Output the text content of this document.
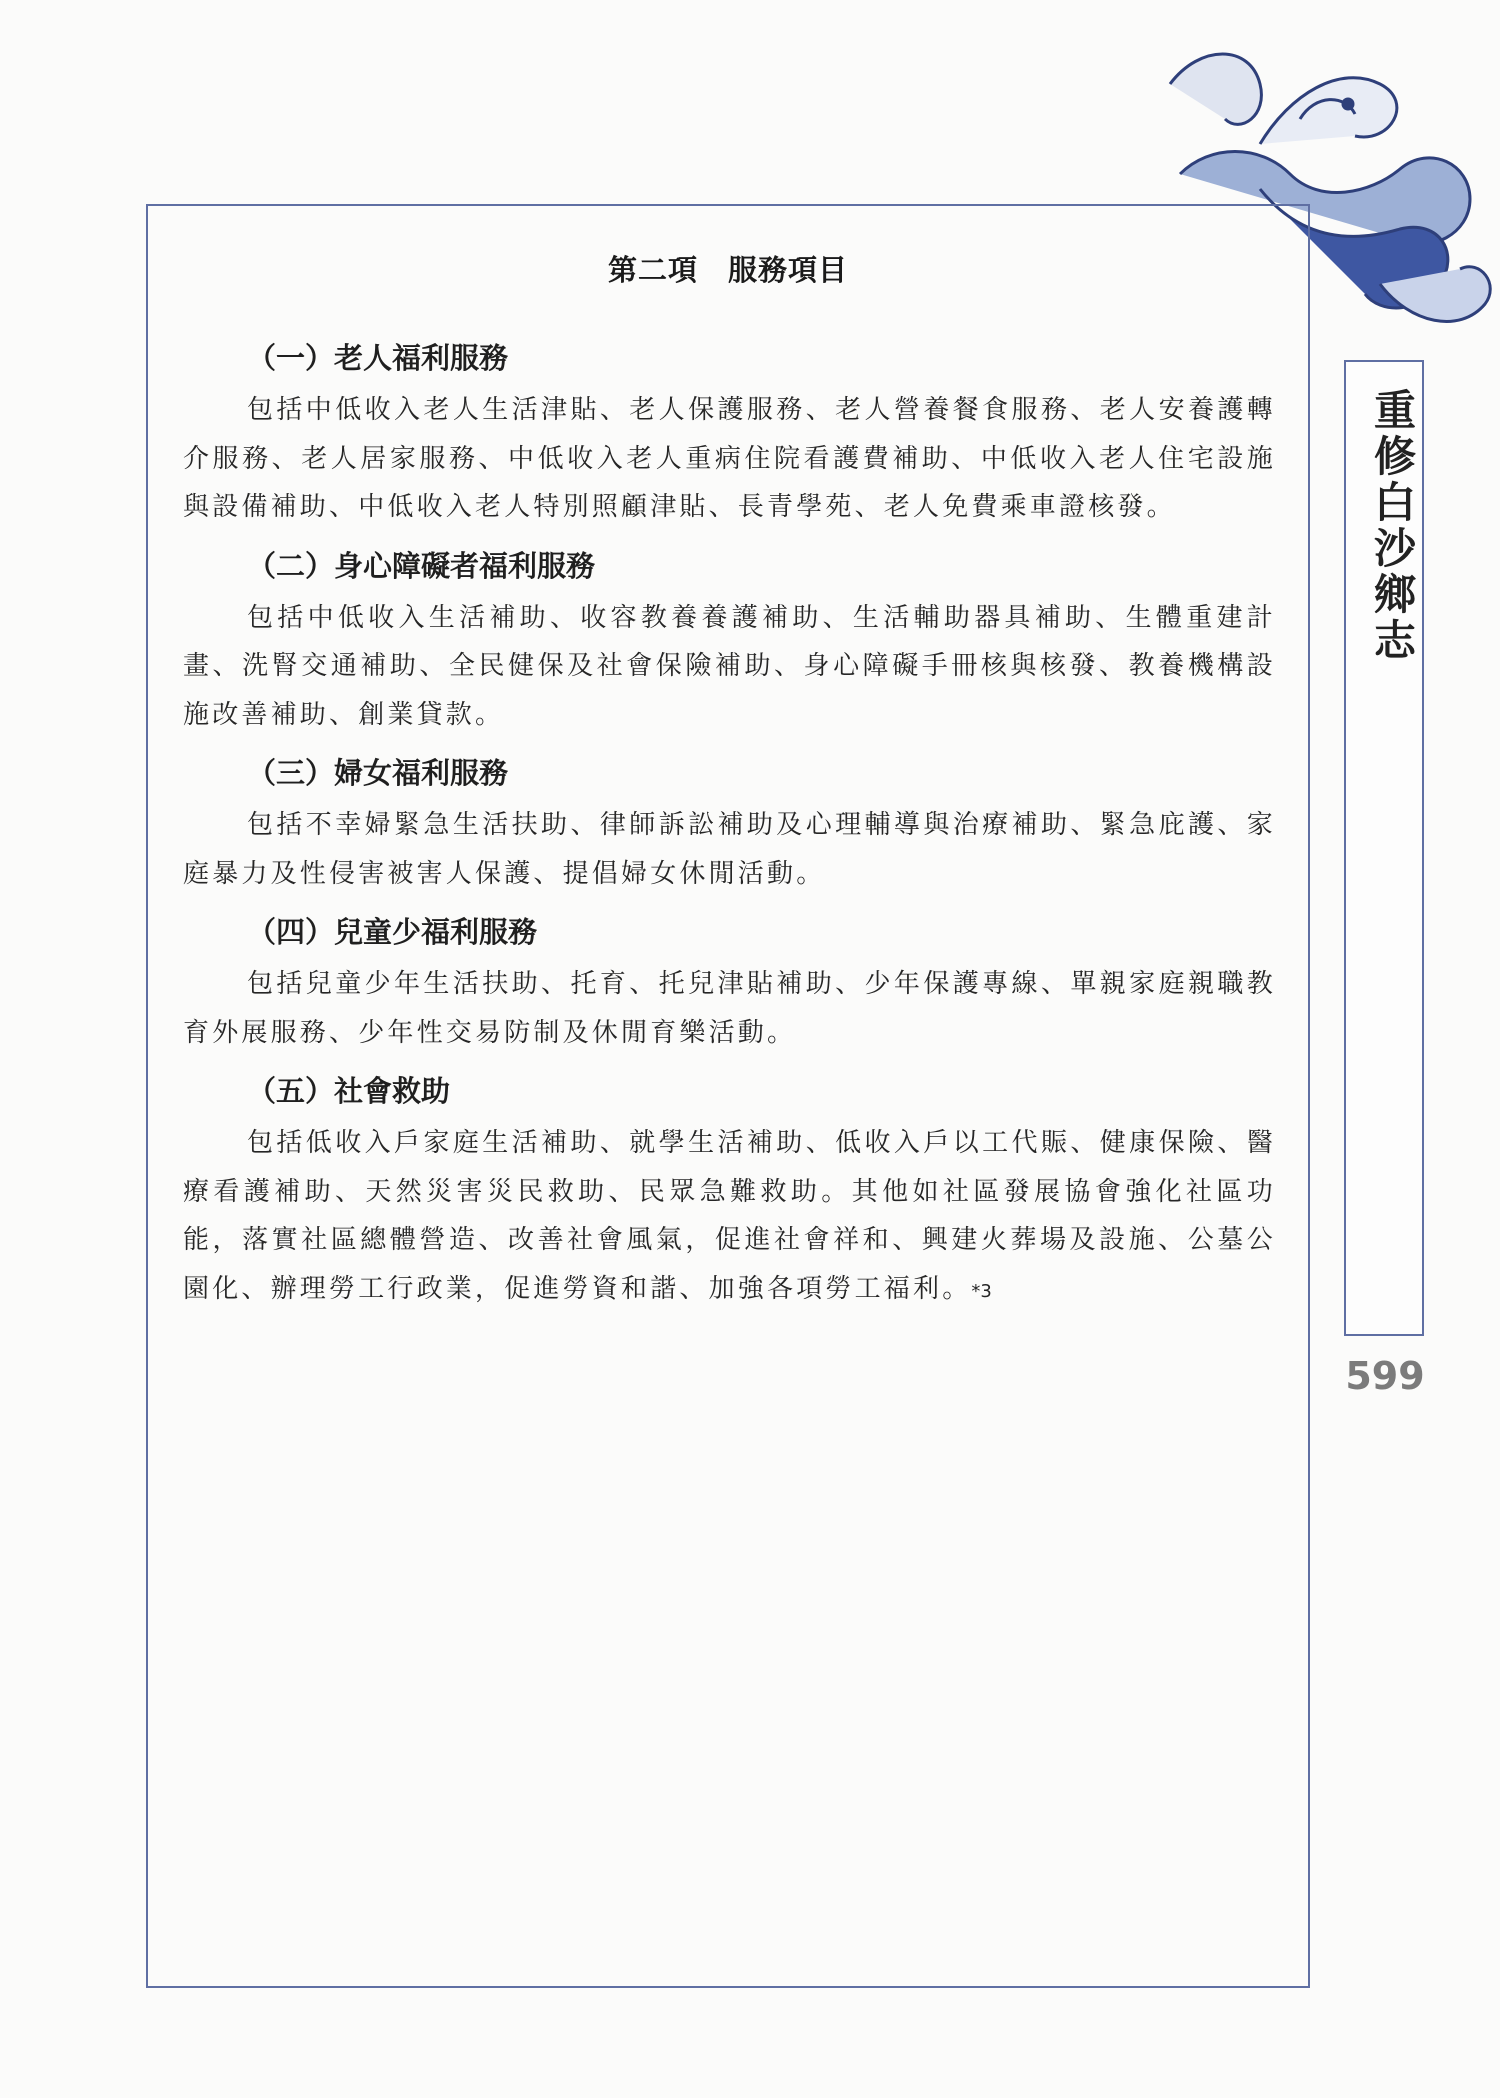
第二項　服務項目
（一）老人福利服務

包括中低收入老人生活津貼、老人保護服務、老人營養餐食服務、老人安養護轉介服務、老人居家服務、中低收入老人重病住院看護費補助、中低收入老人住宅設施與設備補助、中低收入老人特別照顧津貼、長青學苑、老人免費乘車證核發。

（二）身心障礙者福利服務

包括中低收入生活補助、收容教養養護補助、生活輔助器具補助、生體重建計畫、洗腎交通補助、全民健保及社會保險補助、身心障礙手冊核與核發、教養機構設施改善補助、創業貸款。

（三）婦女福利服務

包括不幸婦緊急生活扶助、律師訴訟補助及心理輔導與治療補助、緊急庇護、家庭暴力及性侵害被害人保護、提倡婦女休閒活動。

（四）兒童少福利服務

包括兒童少年生活扶助、托育、托兒津貼補助、少年保護專線、單親家庭親職教育外展服務、少年性交易防制及休閒育樂活動。

（五）社會救助

包括低收入戶家庭生活補助、就學生活補助、低收入戶以工代賑、健康保險、醫療看護補助、天然災害災民救助、民眾急難救助。其他如社區發展協會強化社區功能，落實社區總體營造、改善社會風氣，促進社會祥和、興建火葬場及設施、公墓公園化、辦理勞工行政業，促進勞資和諧、加強各項勞工福利。*3

重修白沙鄉志
599
